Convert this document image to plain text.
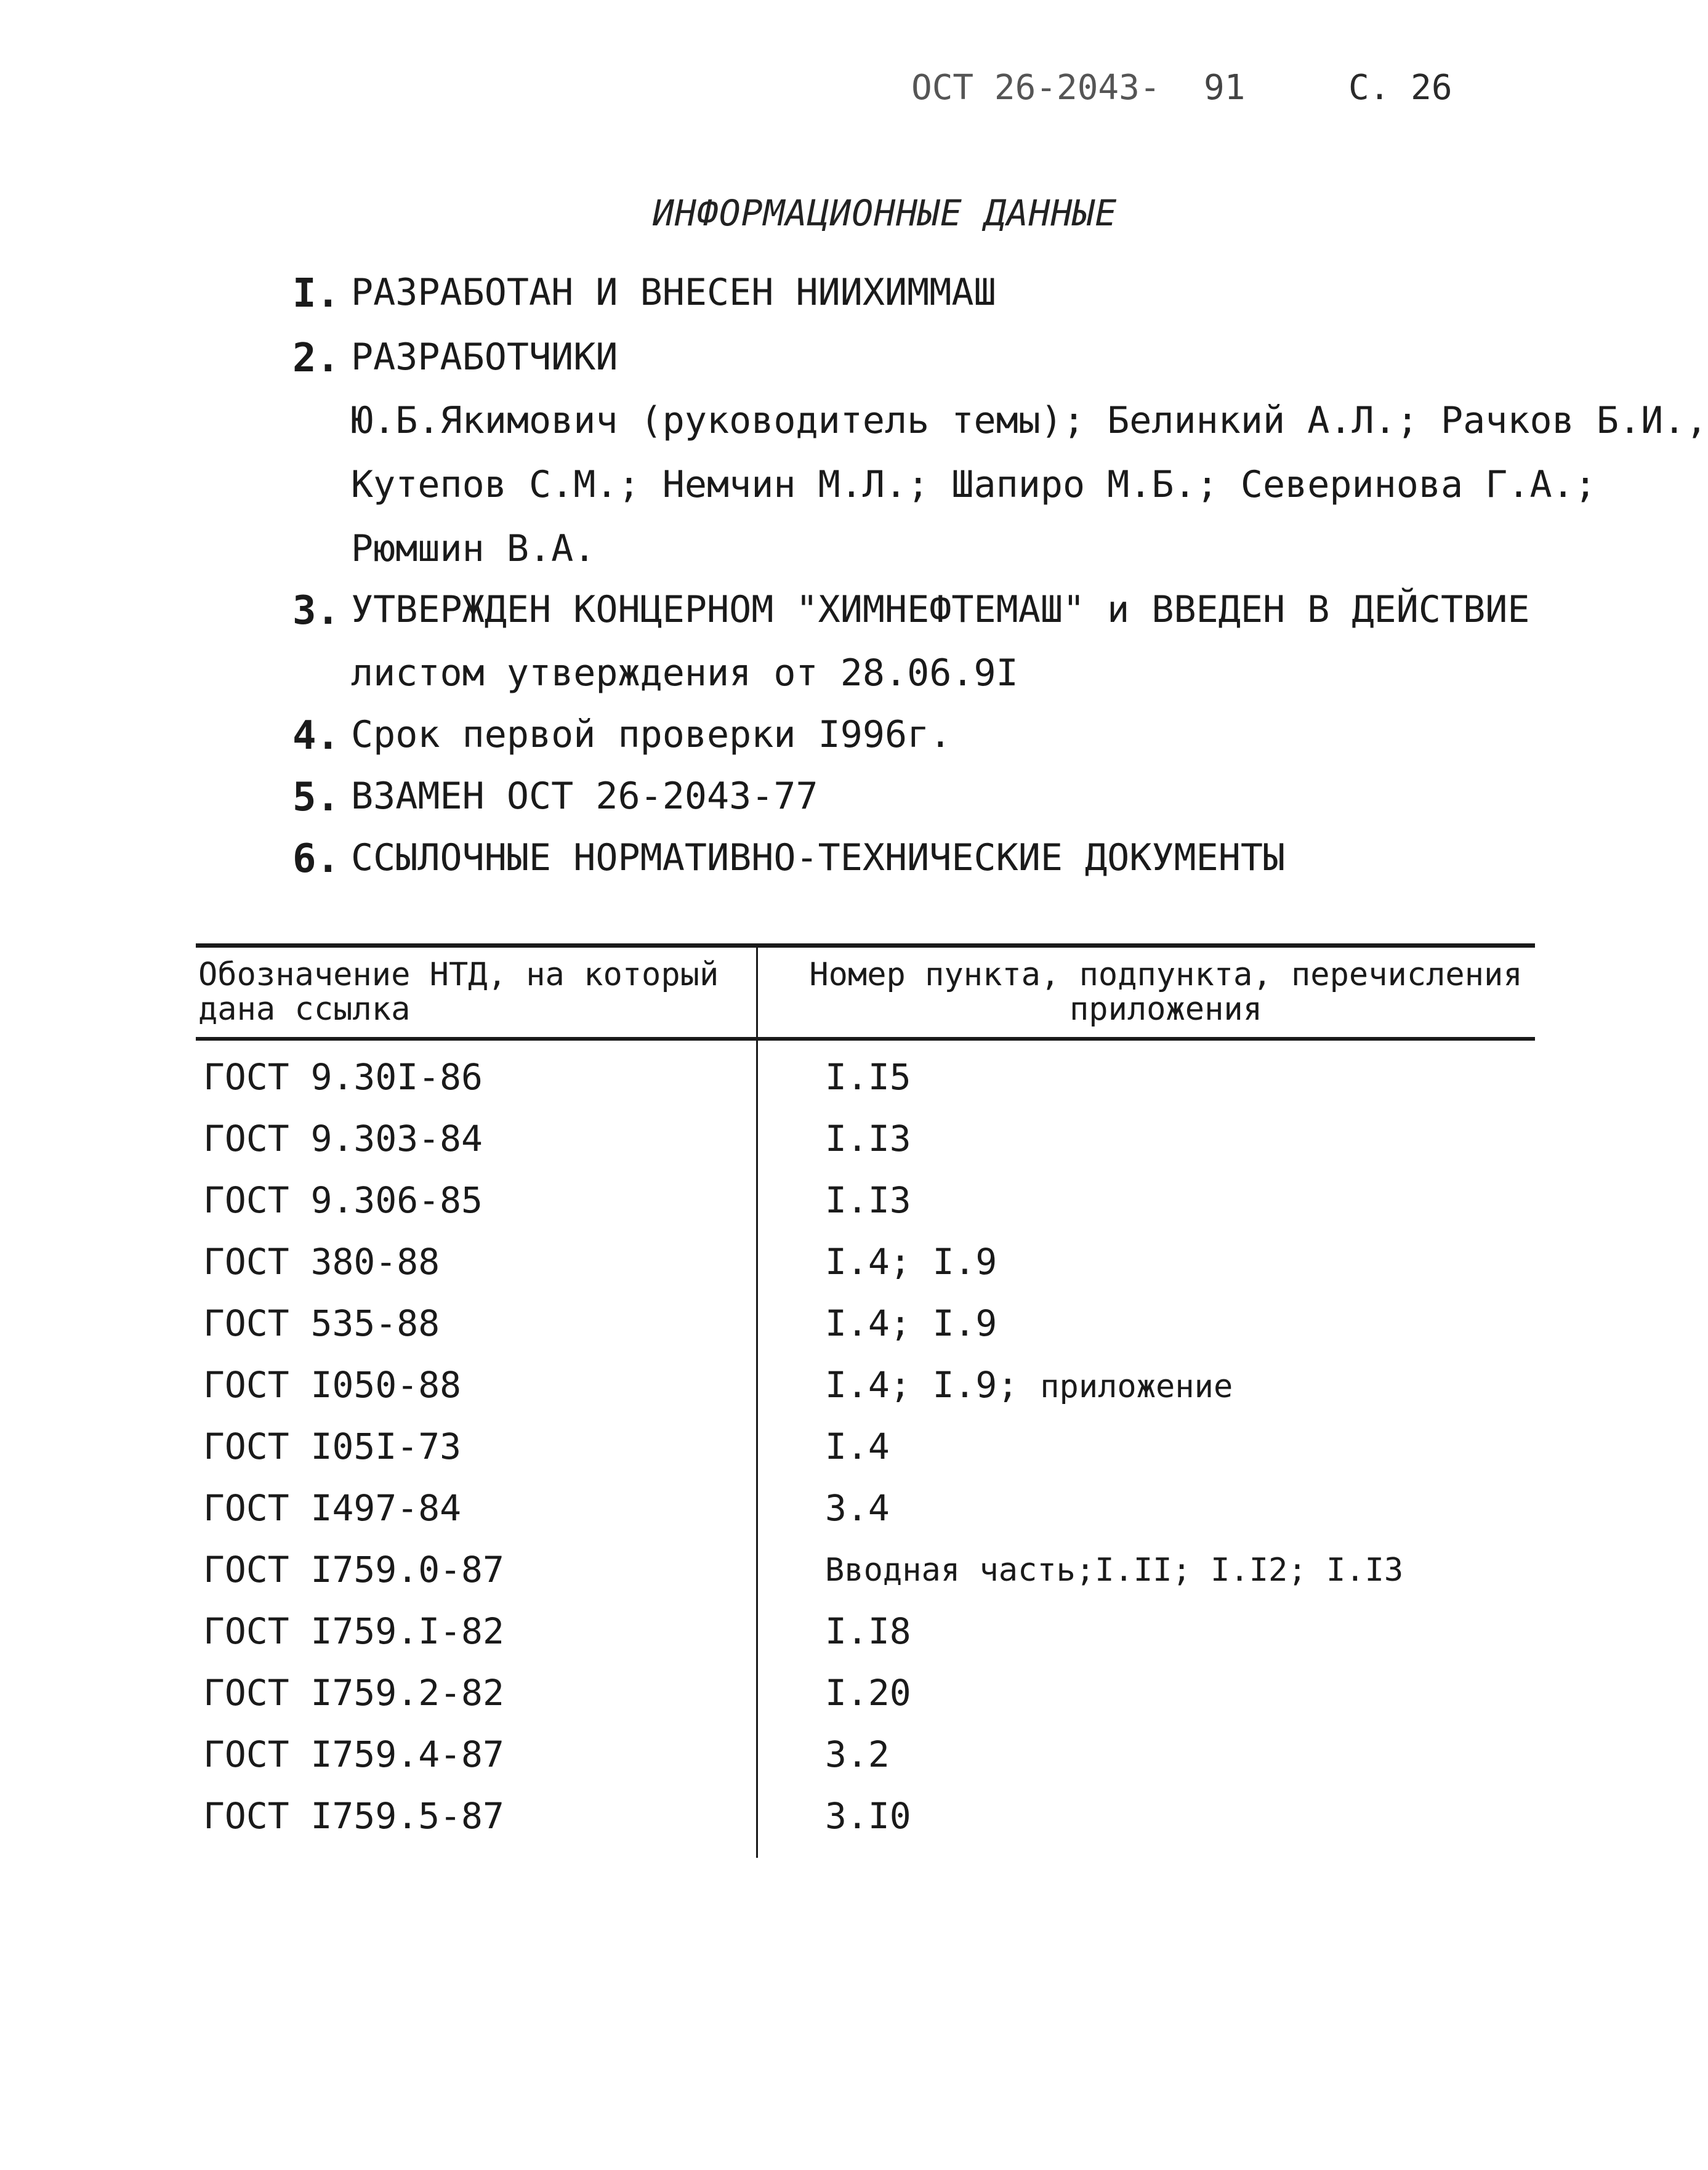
ОСТ 26-2043- 91	С. 26
ИНФОРМАЦИОННЫЕ ДАННЫЕ
I. РАЗРАБОТАН И ВНЕСЕН НИИХИММАШ
2. РАЗРАБОТЧИКИ
Ю.Б.Якимович (руководитель темы); Белинкий А.Л.; Рачков Б.И.,
Кутепов С.М.; Немчин М.Л.; Шапиро М.Б.; Северинова Г.А.;
Рюмшин В.А.
3. УТВЕРЖДЕН КОНЦЕРНОМ "ХИМНЕФТЕМАШ" и ВВЕДЕН В ДЕЙСТВИЕ
листом утверждения от 28.06.9I
4. Срок первой проверки I996г.
5. ВЗАМЕН ОСТ 26-2043-77
6. ССЫЛОЧНЫЕ НОРМАТИВНО-ТЕХНИЧЕСКИЕ ДОКУМЕНТЫ
Обозначение НТД, на который дана ссылка
Номер пункта, подпункта, перечисления приложения
ГОСТ 9.30I-86	I.I5
ГОСТ 9.303-84	I.I3
ГОСТ 9.306-85	I.I3
ГОСТ 380-88	I.4; I.9
ГОСТ 535-88	I.4; I.9
ГОСТ I050-88	I.4; I.9; приложение
ГОСТ I05I-73	I.4
ГОСТ I497-84	3.4
ГОСТ I759.0-87	Вводная часть;I.II; I.I2; I.I3
ГОСТ I759.I-82	I.I8
ГОСТ I759.2-82	I.20
ГОСТ I759.4-87	3.2
ГОСТ I759.5-87	3.I0
